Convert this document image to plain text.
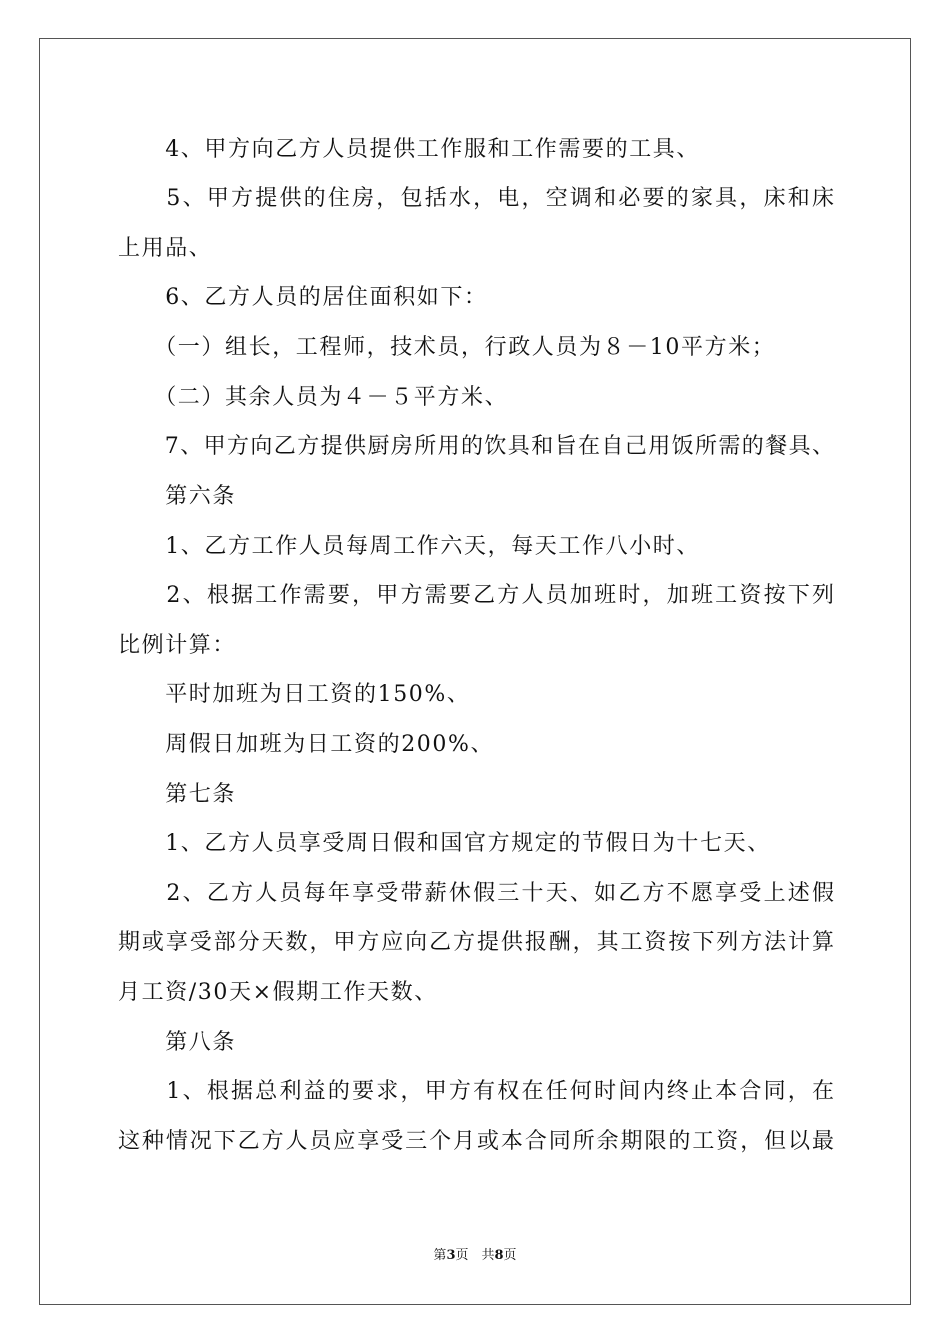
　　4、甲方向乙方人员提供工作服和工作需要的工具、
　　5、甲方提供的住房，包括水，电，空调和必要的家具，床和床
上用品、
　　6、乙方人员的居住面积如下：
　　（一）组长，工程师，技术员，行政人员为８－10平方米；
　　（二）其余人员为４－５平方米、
　　7、甲方向乙方提供厨房所用的饮具和旨在自己用饭所需的餐具、
　　第六条
　　1、乙方工作人员每周工作六天，每天工作八小时、
　　2、根据工作需要，甲方需要乙方人员加班时，加班工资按下列
比例计算：
　　平时加班为日工资的150%、
　　周假日加班为日工资的200%、
　　第七条
　　1、乙方人员享受周日假和国官方规定的节假日为十七天、
　　2、乙方人员每年享受带薪休假三十天、如乙方不愿享受上述假
期或享受部分天数，甲方应向乙方提供报酬，其工资按下列方法计算
月工资/30天×假期工作天数、
　　第八条
　　1、根据总利益的要求，甲方有权在任何时间内终止本合同，在
这种情况下乙方人员应享受三个月或本合同所余期限的工资，但以最
第3页　共8页
